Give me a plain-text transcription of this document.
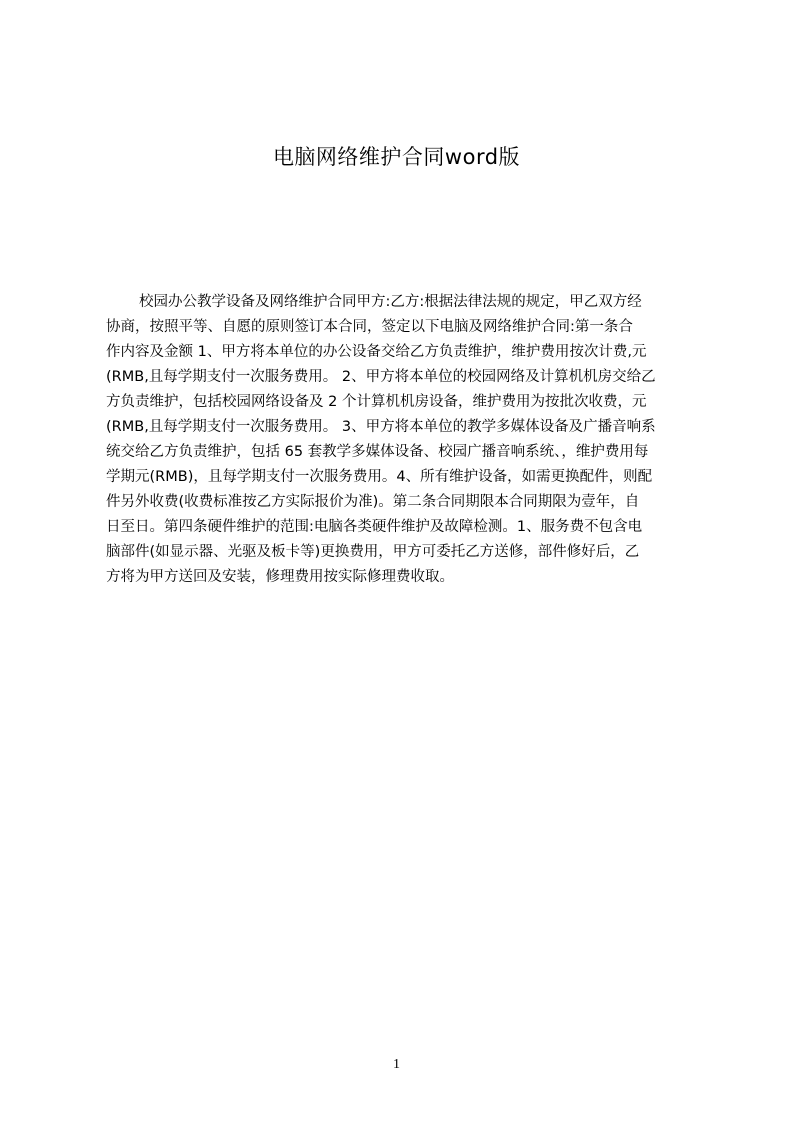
电脑网络维护合同word版
校园办公教学设备及网络维护合同甲方:乙方:根据法律法规的规定，甲乙双方经
协商，按照平等、自愿的原则签订本合同，签定以下电脑及网络维护合同:第一条合
作内容及金额 1、甲方将本单位的办公设备交给乙方负责维护，维护费用按次计费,元
(RMB,且每学期支付一次服务费用。 2、甲方将本单位的校园网络及计算机机房交给乙
方负责维护，包括校园网络设备及 2 个计算机机房设备，维护费用为按批次收费，元
(RMB,且每学期支付一次服务费用。 3、甲方将本单位的教学多媒体设备及广播音响系
统交给乙方负责维护，包括 65 套教学多媒体设备、校园广播音响系统、，维护费用每
学期元(RMB)，且每学期支付一次服务费用。4、所有维护设备，如需更换配件，则配
件另外收费(收费标准按乙方实际报价为准)。第二条合同期限本合同期限为壹年，自
日至日。第四条硬件维护的范围:电脑各类硬件维护及故障检测。1、服务费不包含电
脑部件(如显示器、光驱及板卡等)更换费用，甲方可委托乙方送修，部件修好后，乙
方将为甲方送回及安装，修理费用按实际修理费收取。
1
